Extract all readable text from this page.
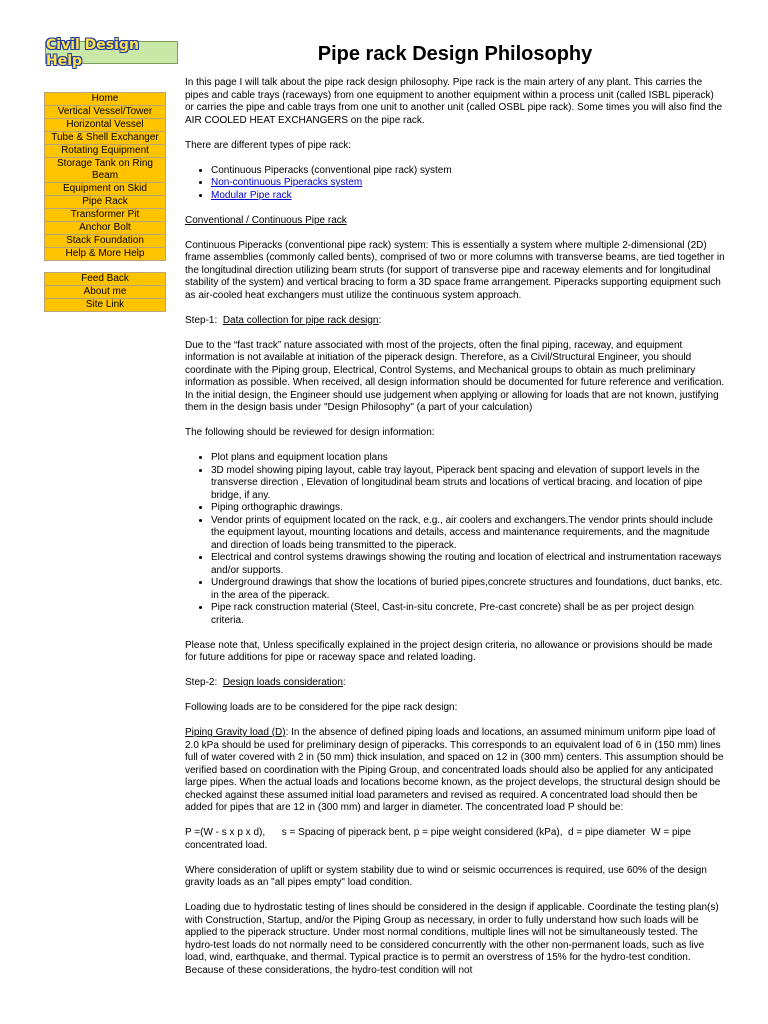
Civil Design Help	Pipe rack Design Philosophy
Home
Vertical Vessel/Tower
Horizontal Vessel
Tube & Shell Exchanger
Rotating Equipment
Storage Tank on Ring Beam
Equipment on Skid
Pipe Rack
Transformer Pit
Anchor Bolt
Stack Foundation
Help & More Help
Feed Back
About me
Site Link

In this page I will talk about the pipe rack design philosophy. Pipe rack is the main artery of any plant. This carries the pipes and cable trays (raceways) from one equipment to another equipment within a process unit (called ISBL piperack) or carries the pipe and cable trays from one unit to another unit (called OSBL pipe rack). Some times you will also find the AIR COOLED HEAT EXCHANGERS on the pipe rack.

There are different types of pipe rack:

• Continuous Piperacks (conventional pipe rack) system
• Non-continuous Piperacks system
• Modular Pipe rack

Conventional / Continuous Pipe rack

Continuous Piperacks (conventional pipe rack) system: This is essentially a system where multiple 2-dimensional (2D) frame assemblies (commonly called bents), comprised of two or more columns with transverse beams, are tied together in the longitudinal direction utilizing beam struts (for support of transverse pipe and raceway elements and for longitudinal stability of the system) and vertical bracing to form a 3D space frame arrangement. Piperacks supporting equipment such as air-cooled heat exchangers must utilize the continuous system approach.

Step-1:  Data collection for pipe rack design:

Due to the “fast track” nature associated with most of the projects, often the final piping, raceway, and equipment information is not available at initiation of the piperack design. Therefore, as a Civil/Structural Engineer, you should coordinate with the Piping group, Electrical, Control Systems, and Mechanical groups to obtain as much preliminary information as possible. When received, all design information should be documented for future reference and verification. In the initial design, the Engineer should use judgement when applying or allowing for loads that are not known, justifying them in the design basis under "Design Philosophy" (a part of your calculation)

The following should be reviewed for design information:

• Plot plans and equipment location plans
• 3D model showing piping layout, cable tray layout, Piperack bent spacing and elevation of support levels in the transverse direction , Elevation of longitudinal beam struts and locations of vertical bracing. and location of pipe bridge, if any.
• Piping orthographic drawings.
• Vendor prints of equipment located on the rack, e.g., air coolers and exchangers.The vendor prints should include the equipment layout, mounting locations and details, access and maintenance requirements, and the magnitude and direction of loads being transmitted to the piperack.
• Electrical and control systems drawings showing the routing and location of electrical and instrumentation raceways and/or supports.
• Underground drawings that show the locations of buried pipes,concrete structures and foundations, duct banks, etc. in the area of the piperack.
• Pipe rack construction material (Steel, Cast-in-situ concrete, Pre-cast concrete) shall be as per project design criteria.

Please note that, Unless specifically explained in the project design criteria, no allowance or provisions should be made for future additions for pipe or raceway space and related loading.

Step-2:  Design loads consideration:

Following loads are to be considered for the pipe rack design:

Piping Gravity load (D): In the absence of defined piping loads and locations, an assumed minimum uniform pipe load of 2.0 kPa should be used for preliminary design of piperacks. This corresponds to an equivalent load of 6 in (150 mm) lines full of water covered with 2 in (50 mm) thick insulation, and spaced on 12 in (300 mm) centers. This assumption should be verified based on coordination with the Piping Group, and concentrated loads should also be applied for any anticipated large pipes. When the actual loads and locations become known, as the project develops, the structural design should be checked against these assumed initial load parameters and revised as required. A concentrated load should then be added for pipes that are 12 in (300 mm) and larger in diameter. The concentrated load P should be:

P =(W - s x p x d),      s = Spacing of piperack bent, p = pipe weight considered (kPa),  d = pipe diameter  W = pipe concentrated load.

Where consideration of uplift or system stability due to wind or seismic occurrences is required, use 60% of the design gravity loads as an "all pipes empty" load condition.

Loading due to hydrostatic testing of lines should be considered in the design if applicable. Coordinate the testing plan(s) with Construction, Startup, and/or the Piping Group as necessary, in order to fully understand how such loads will be applied to the piperack structure. Under most normal conditions, multiple lines will not be simultaneously tested. The hydro-test loads do not normally need to be considered concurrently with the other non-permanent loads, such as live load, wind, earthquake, and thermal. Typical practice is to permit an overstress of 15% for the hydro-test condition. Because of these considerations, the hydro-test condition will not
